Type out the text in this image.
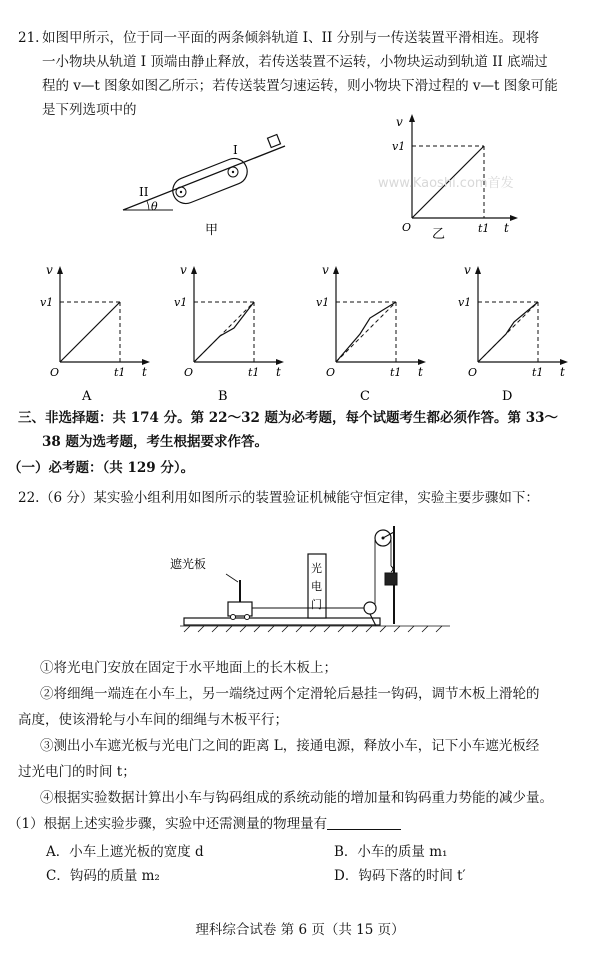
21. 如图甲所示，位于同一平面的两条倾斜轨道 I、II 分别与一传送装置平滑相连。现将
一小物块从轨道 I 顶端由静止释放，若传送装置不运转，小物块运动到轨道 II 底端过
程的 v—t 图象如图乙所示；若传送装置匀速运转，则小物块下滑过程的 v—t 图象可能
是下列选项中的
I
II
θ
甲
v
v1
O	t1 t
乙
www.Kaoshi.com首发
v
v1
O	t1 t
A
v
v1
O	t1 t
B
v
v1
O	t1 t
C
v
v1
O	t1 t
D
三、非选择题：共 174 分。第 22～32 题为必考题，每个试题考生都必须作答。第 33～
38 题为选考题，考生根据要求作答。
（一）必考题：（共 129 分）。
22. （6 分）某实验小组利用如图所示的装置验证机械能守恒定律，实验主要步骤如下：
遮光板	光
电
门
①将光电门安放在固定于水平地面上的长木板上；
②将细绳一端连在小车上，另一端绕过两个定滑轮后悬挂一钩码，调节木板上滑轮的
高度，使该滑轮与小车间的细绳与木板平行；
③测出小车遮光板与光电门之间的距离 L，接通电源，释放小车，记下小车遮光板经
过光电门的时间 t；
④根据实验数据计算出小车与钩码组成的系统动能的增加量和钩码重力势能的减少量。
（1）根据上述实验步骤，实验中还需测量的物理量有
A．小车上遮光板的宽度 d	B．小车的质量 m₁
C．钩码的质量 m₂	D．钩码下落的时间 t′
理科综合试卷 第 6 页（共 15 页）
